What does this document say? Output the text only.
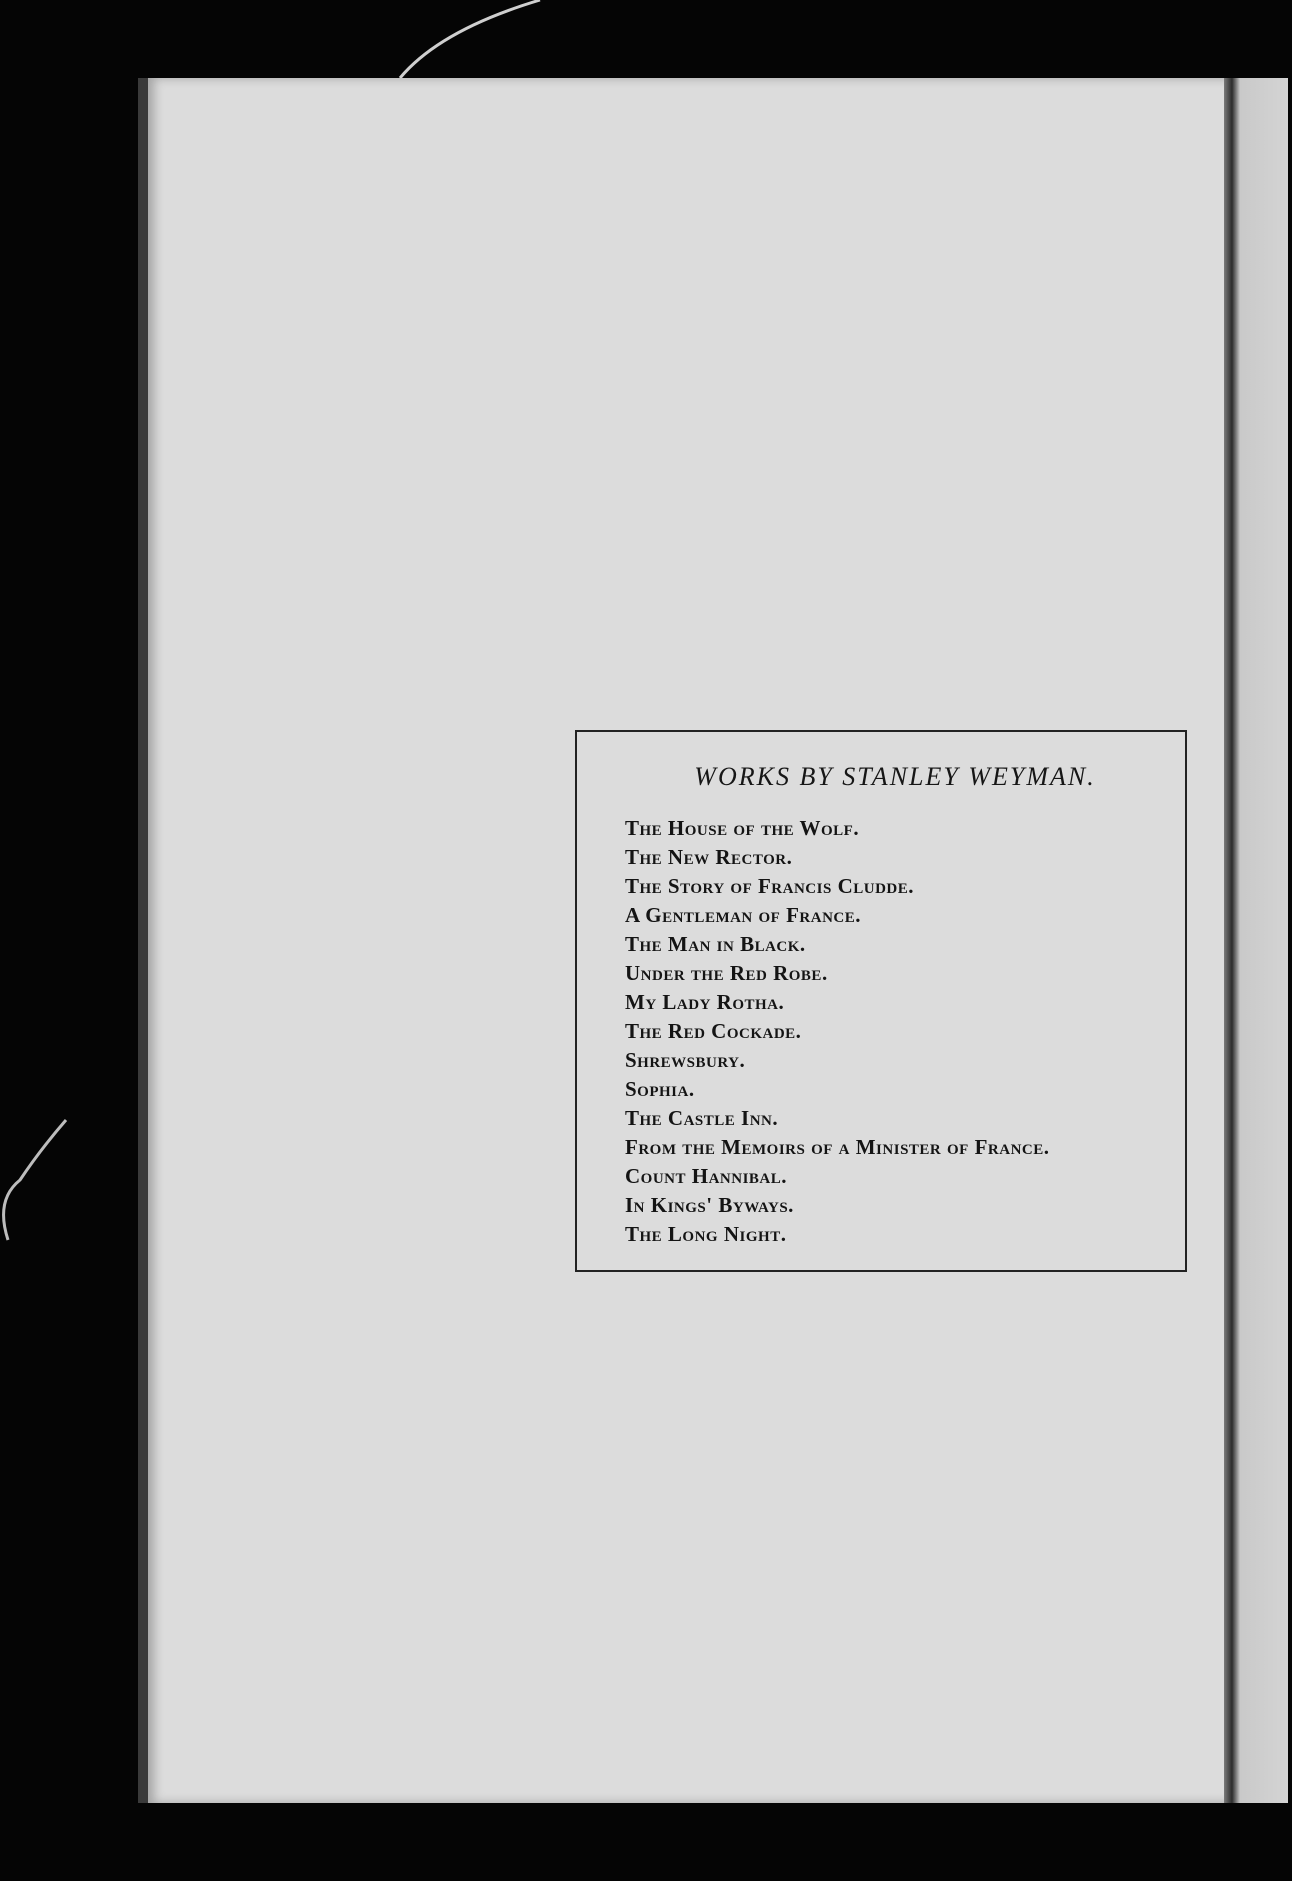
WORKS BY STANLEY WEYMAN.
The House of the Wolf.
The New Rector.
The Story of Francis Cludde.
A Gentleman of France.
The Man in Black.
Under the Red Robe.
My Lady Rotha.
The Red Cockade.
Shrewsbury.
Sophia.
The Castle Inn.
From the Memoirs of a Minister of France.
Count Hannibal.
In Kings' Byways.
The Long Night.
